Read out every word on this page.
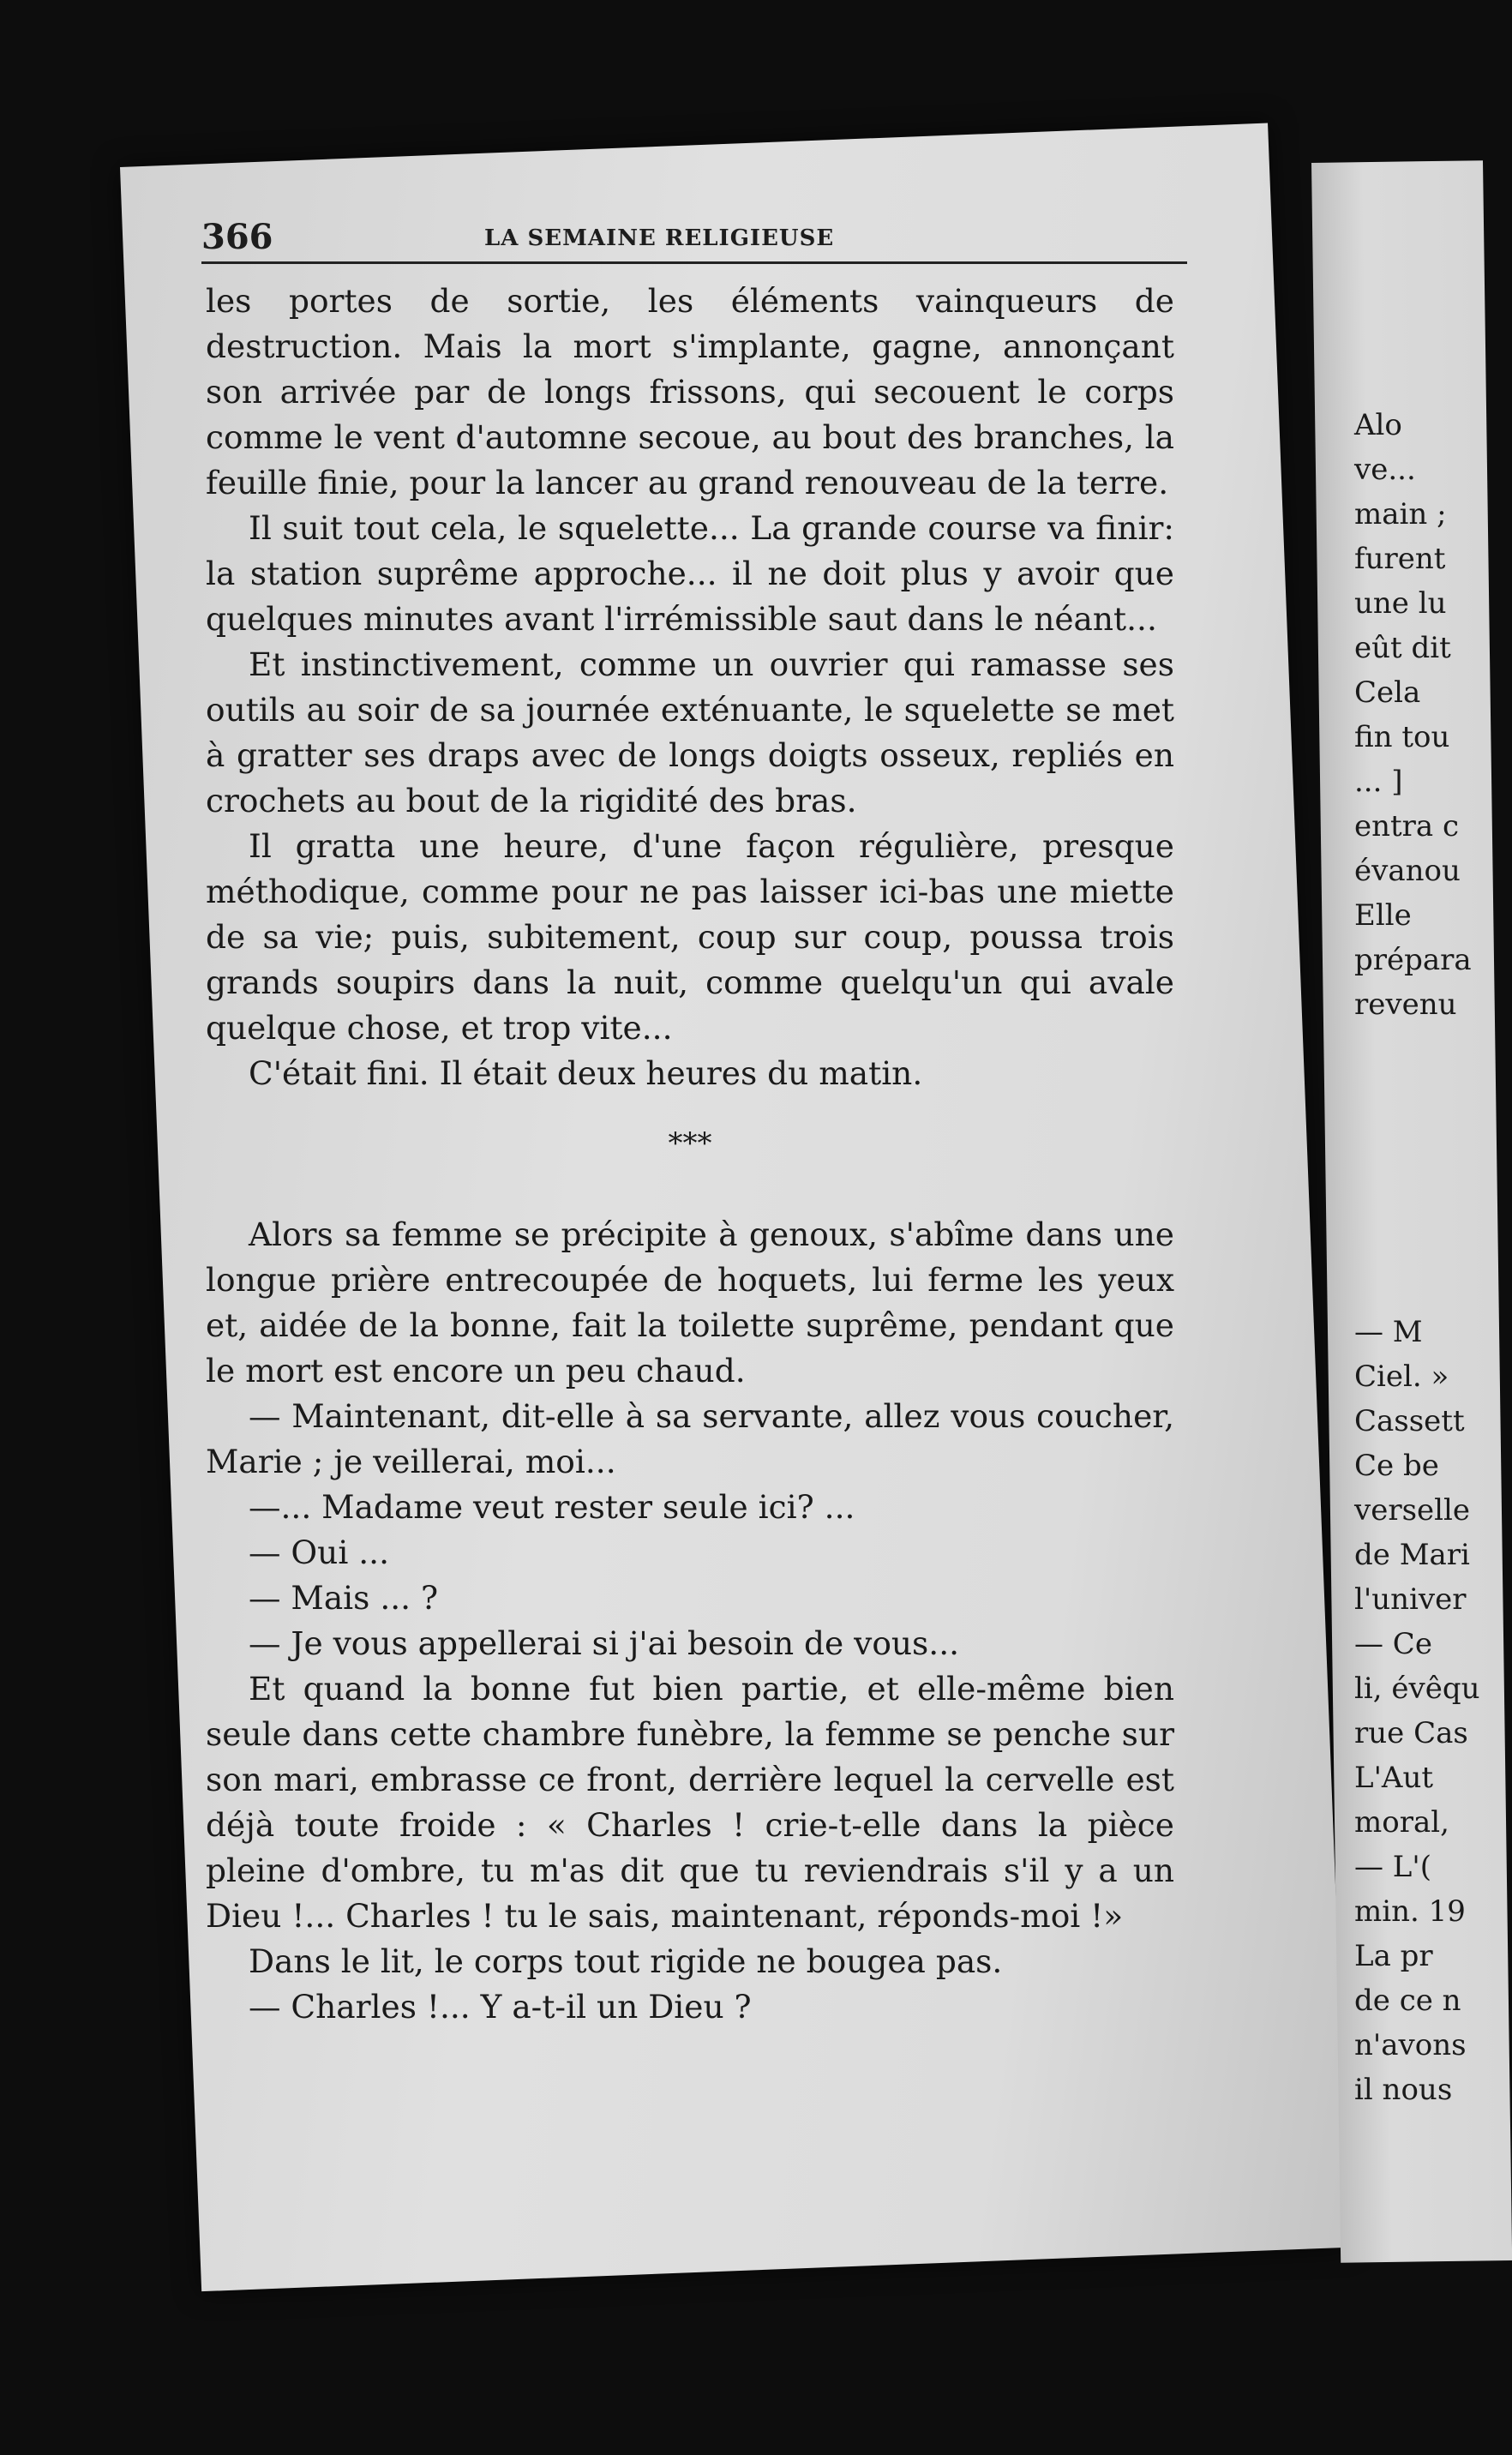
366	LA SEMAINE RELIGIEUSE

les portes de sortie, les éléments vainqueurs de destruction. Mais la mort s'implante, gagne, annonçant son arrivée par de longs frissons, qui secouent le corps comme le vent d'automne secoue, au bout des branches, la feuille finie, pour la lancer au grand renouveau de la terre.

Il suit tout cela, le squelette... La grande course va finir: la station suprême approche... il ne doit plus y avoir que quelques minutes avant l'irrémissible saut dans le néant...

Et instinctivement, comme un ouvrier qui ramasse ses outils au soir de sa journée exténuante, le squelette se met à gratter ses draps avec de longs doigts osseux, repliés en crochets au bout de la rigidité des bras.

Il gratta une heure, d'une façon régulière, presque méthodique, comme pour ne pas laisser ici-bas une miette de sa vie; puis, subitement, coup sur coup, poussa trois grands soupirs dans la nuit, comme quelqu'un qui avale quelque chose, et trop vite...

C'était fini. Il était deux heures du matin.

***

Alors sa femme se précipite à genoux, s'abîme dans une longue prière entrecoupée de hoquets, lui ferme les yeux et, aidée de la bonne, fait la toilette suprême, pendant que le mort est encore un peu chaud.

— Maintenant, dit-elle à sa servante, allez vous coucher, Marie ; je veillerai, moi...

—... Madame veut rester seule ici? ...

— Oui ...

— Mais ... ?

— Je vous appellerai si j'ai besoin de vous...

Et quand la bonne fut bien partie, et elle-même bien seule dans cette chambre funèbre, la femme se penche sur son mari, embrasse ce front, derrière lequel la cervelle est déjà toute froide : « Charles ! crie-t-elle dans la pièce pleine d'ombre, tu m'as dit que tu reviendrais s'il y a un Dieu !... Charles ! tu le sais, maintenant, réponds-moi !»

Dans le lit, le corps tout rigide ne bougea pas.

— Charles !... Y a-t-il un Dieu ?

Alo
ve...
main ;
furent
une lu
eût dit
Cela
fin tou
... ]
entra c
évanou
Elle
prépara
revenu
— M
Ciel. »
Cassett
Ce be
verselle
de Mari
l'univer
— Ce
li, évêqu
rue Cas
L'Aut
moral,
— L'(
min. 19
La pr
de ce n
n'avons
il nous
